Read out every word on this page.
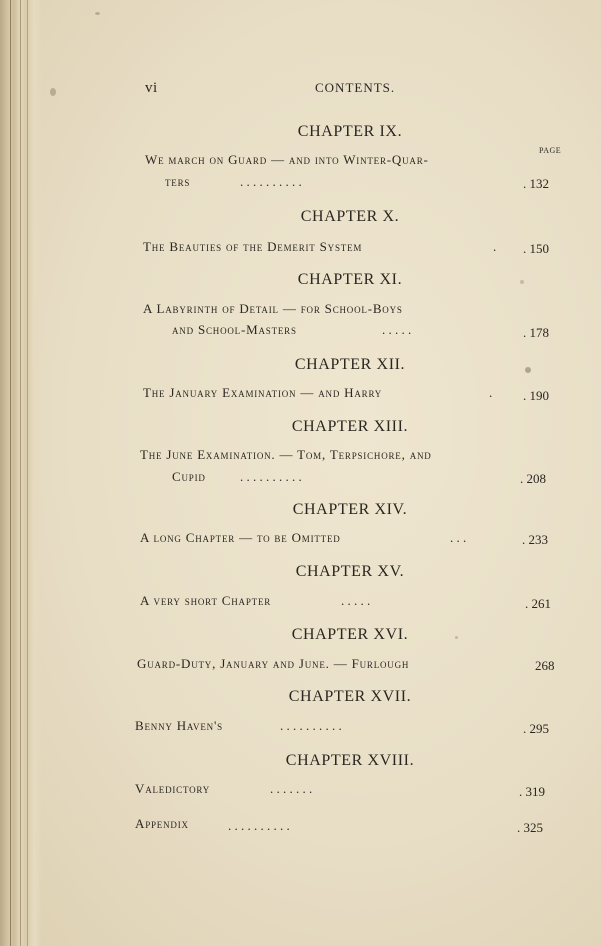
vi	CONTENTS.
CHAPTER IX.
PAGE
We march on Guard — and into Winter-Quar-
ters	. . . . . . . . . .	. 132
CHAPTER X.
The Beauties of the Demerit System	. . 150
CHAPTER XI.
A Labyrinth of Detail — for School-Boys
and School-Masters	. . . . .	. 178
CHAPTER XII.
The January Examination — and Harry	. . 190
CHAPTER XIII.
The June Examination. — Tom, Terpsichore, and
Cupid	. . . . . . . . . .	. 208
CHAPTER XIV.
A long Chapter — to be Omitted	. . .	. 233
CHAPTER XV.
A very short Chapter	. . . . .	. 261
CHAPTER XVI.
Guard-Duty, January and June. — Furlough	268
CHAPTER XVII.
Benny Haven's	. . . . . . . . . .	. 295
CHAPTER XVIII.
Valedictory	. . . . . . .	. 319
Appendix	. . . . . . . . . .	. 325
